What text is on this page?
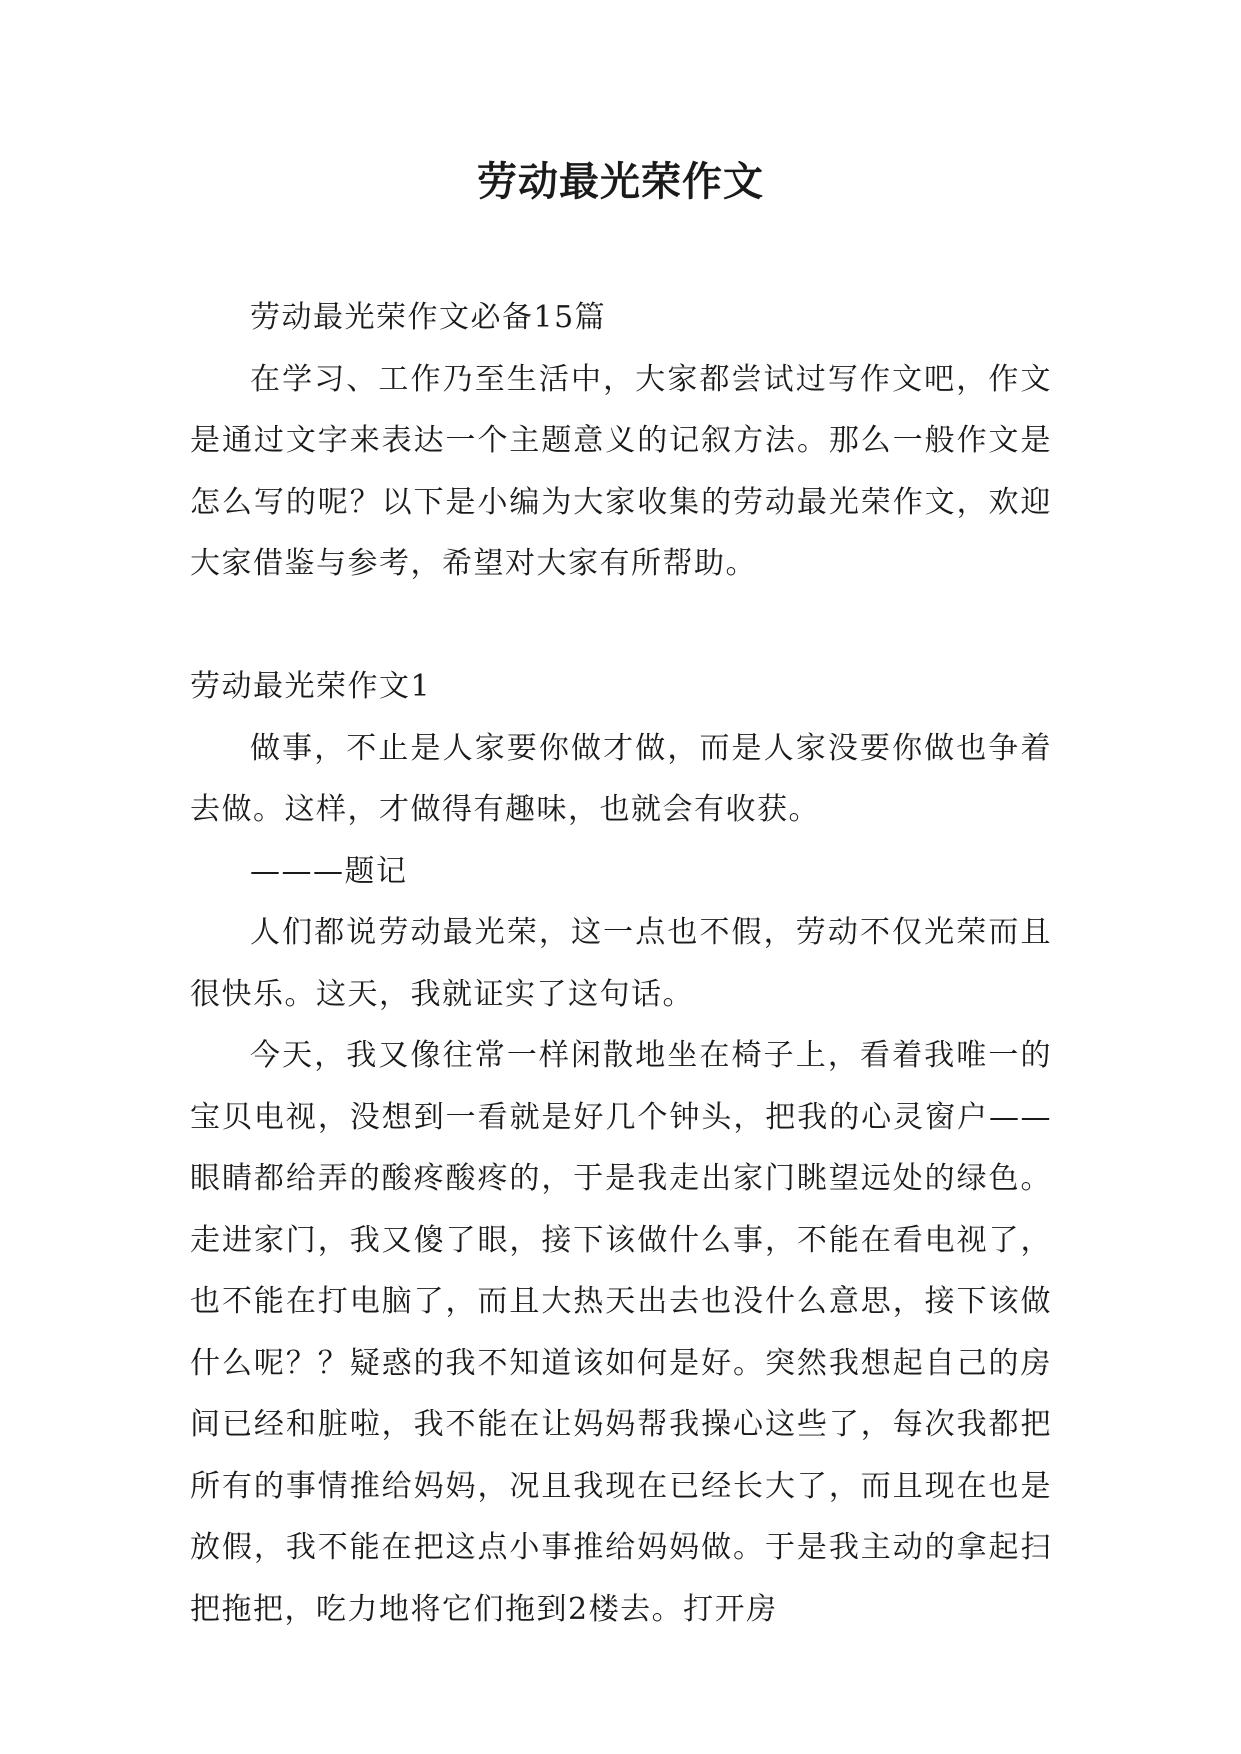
劳动最光荣作文

劳动最光荣作文必备15篇

在学习、工作乃至生活中，大家都尝试过写作文吧，作文是通过文字来表达一个主题意义的记叙方法。那么一般作文是怎么写的呢？以下是小编为大家收集的劳动最光荣作文，欢迎大家借鉴与参考，希望对大家有所帮助。

劳动最光荣作文1

做事，不止是人家要你做才做，而是人家没要你做也争着去做。这样，才做得有趣味，也就会有收获。

———题记

人们都说劳动最光荣，这一点也不假，劳动不仅光荣而且很快乐。这天，我就证实了这句话。

今天，我又像往常一样闲散地坐在椅子上，看着我唯一的宝贝电视，没想到一看就是好几个钟头，把我的心灵窗户——眼睛都给弄的酸疼酸疼的，于是我走出家门眺望远处的绿色。走进家门，我又傻了眼，接下该做什么事，不能在看电视了，也不能在打电脑了，而且大热天出去也没什么意思，接下该做什么呢？？疑惑的我不知道该如何是好。突然我想起自己的房间已经和脏啦，我不能在让妈妈帮我操心这些了，每次我都把所有的事情推给妈妈，况且我现在已经长大了，而且现在也是放假，我不能在把这点小事推给妈妈做。于是我主动的拿起扫把拖把，吃力地将它们拖到2楼去。打开房
